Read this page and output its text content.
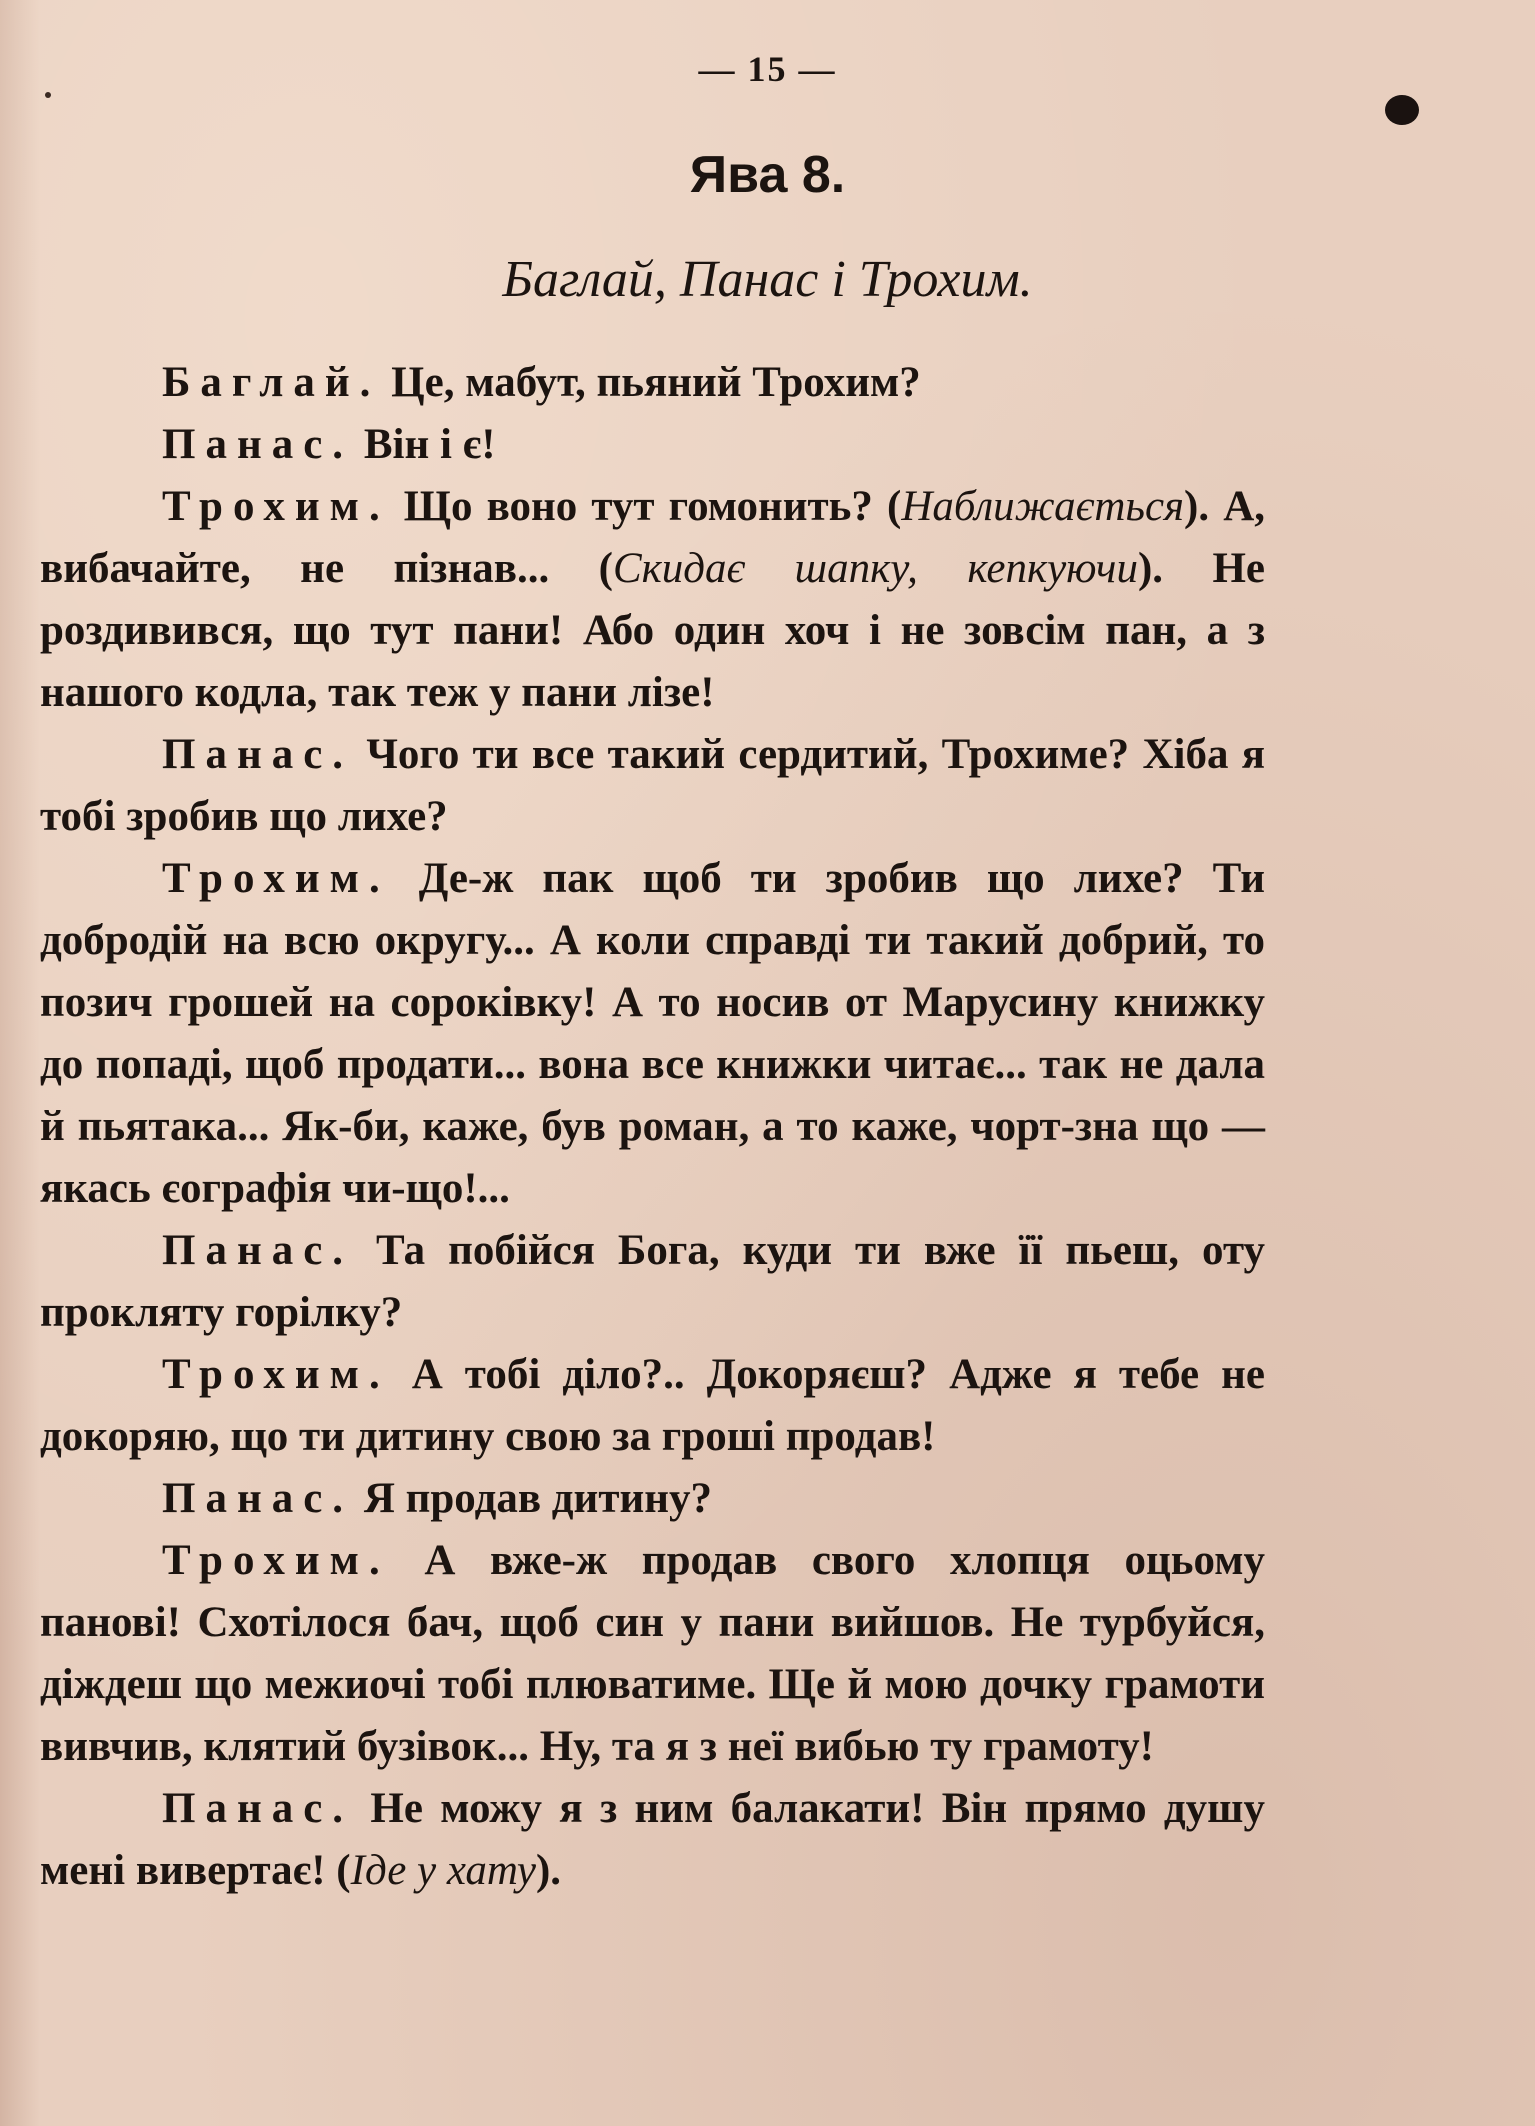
— 15 —
Ява 8.
Баглай, Панас і Трохим.

Баглай. Це, мабут, пьяний Трохим?

Панас. Він і є!

Трохим. Що воно тут гомонить? (Наближається). А, вибачайте, не пізнав... (Скидає шапку, кепкуючи). Не роздивився, що тут пани! Або один хоч і не зовсім пан, а з нашого кодла, так теж у пани лізе!

Панас. Чого ти все такий сердитий, Трохиме? Хіба я тобі зробив що лихе?

Трохим. Де-ж пак щоб ти зробив що лихе? Ти добродій на всю округу... А коли справді ти такий добрий, то позич грошей на сороківку! А то носив от Марусину книжку до попаді, щоб продати... вона все книжки читає... так не дала й пьятака... Як-би, каже, був роман, а то каже, чорт-зна що — якась єографія чи-що!...

Панас. Та побійся Бога, куди ти вже її пьеш, оту прокляту горілку?

Трохим. А тобі діло?.. Докоряєш? Адже я тебе не докоряю, що ти дитину свою за гроші продав!

Панас. Я продав дитину?

Трохим. А вже-ж продав свого хлопця оцьому панові! Схотілося бач, щоб син у пани вийшов. Не турбуйся, діждеш що межиочі тобі плюватиме. Ще й мою дочку грамоти вивчив, клятий бузівок... Ну, та я з неї вибью ту грамоту!

Панас. Не можу я з ним балакати! Він прямо душу мені вивертає! (Іде у хату).
